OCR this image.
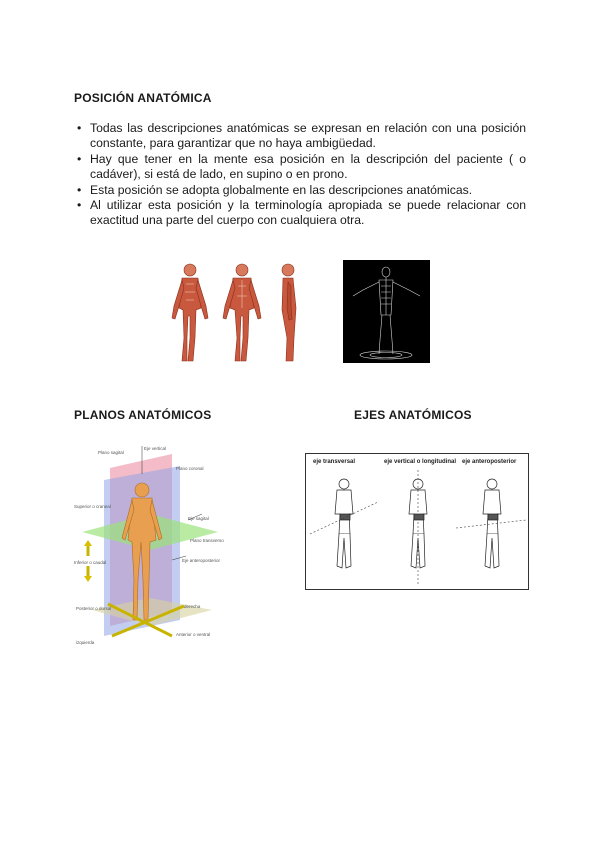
POSICIÓN ANATÓMICA
• Todas las descripciones anatómicas se expresan en relación con una posición constante, para garantizar que no haya ambigüedad.
• Hay que tener en la mente esa posición en la descripción del paciente ( o cadáver), si está de lado, en supino o en prono.
• Esta posición se adopta globalmente en las descripciones anatómicas.
• Al utilizar esta posición y la terminología apropiada se puede relacionar con exactitud una parte del cuerpo con cualquiera otra.
PLANOS ANATÓMICOS	EJES ANATÓMICOS
Plano sagital
Plano coronal
Eje vertical
Superior o craneal
Plano transverso
Eje sagital
Inferior o caudal	Eje anteroposterior
Posterior o dorsal	derecha
Anterior o ventral
izquierda
eje transversal	eje vertical o longitudinal eje anteroposterior
